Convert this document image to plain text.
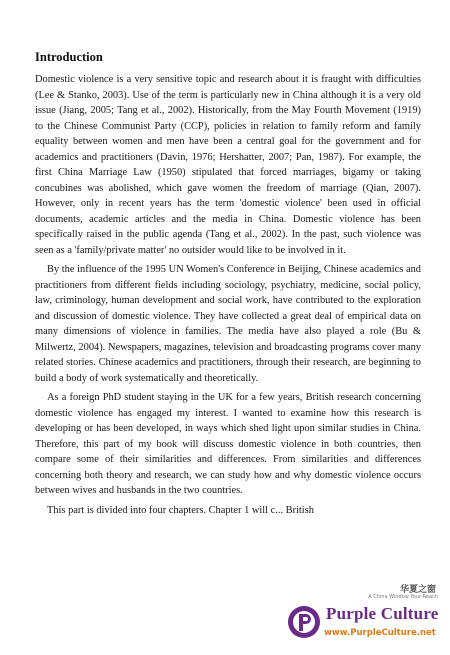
Introduction

Domestic violence is a very sensitive topic and research about it is fraught with difficulties (Lee & Stanko, 2003). Use of the term is particularly new in China although it is a very old issue (Jiang, 2005; Tang et al., 2002). Historically, from the May Fourth Movement (1919) to the Chinese Communist Party (CCP), policies in relation to family reform and family equality between women and men have been a central goal for the government and for academics and practitioners (Davin, 1976; Hershatter, 2007; Pan, 1987). For example, the first China Marriage Law (1950) stipulated that forced marriages, bigamy or taking concubines was abolished, which gave women the freedom of marriage (Qian, 2007). However, only in recent years has the term 'domestic violence' been used in official documents, academic articles and the media in China. Domestic violence has been specifically raised in the public agenda (Tang et al., 2002). In the past, such violence was seen as a 'family/private matter' no outsider would like to be involved in it.

By the influence of the 1995 UN Women's Conference in Beijing, Chinese academics and practitioners from different fields including sociology, psychiatry, medicine, social policy, law, criminology, human development and social work, have contributed to the exploration and discussion of domestic violence. They have collected a great deal of empirical data on many dimensions of violence in families. The media have also played a role (Bu & Milwertz, 2004). Newspapers, magazines, television and broadcasting programs cover many related stories. Chinese academics and practitioners, through their research, are beginning to build a body of work systematically and theoretically.

As a foreign PhD student staying in the UK for a few years, British research concerning domestic violence has engaged my interest. I wanted to examine how this research is developing or has been developed, in ways which shed light upon similar studies in China. Therefore, this part of my book will discuss domestic violence in both countries, then compare some of their similarities and differences. From similarities and differences concerning both theory and research, we can study how and why domestic violence occurs between wives and husbands in the two countries.

This part is divided into four chapters. Chapter 1 will c... British

华夏之窗
A China Window Your Reach
Purple Culture
www.PurpleCulture.net
